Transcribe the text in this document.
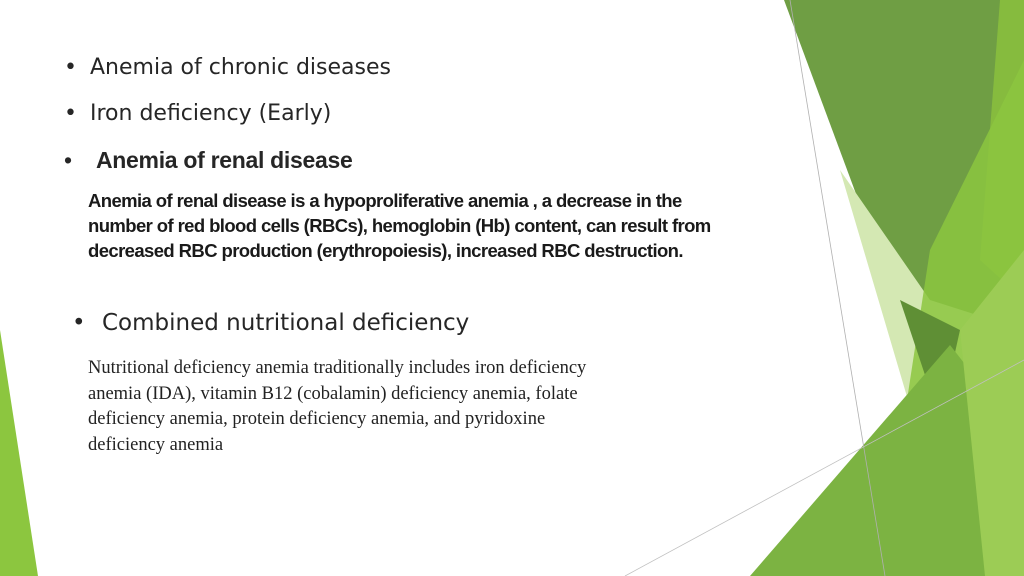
• Anemia of chronic diseases
• Iron deficiency (Early)
• Anemia of renal disease
Anemia of renal disease is a hypoproliferative anemia , a decrease in the number of red blood cells (RBCs), hemoglobin (Hb) content, can result from decreased RBC production (erythropoiesis), increased RBC destruction.
• Combined nutritional deficiency
Nutritional deficiency anemia traditionally includes iron deficiency anemia (IDA), vitamin B12 (cobalamin) deficiency anemia, folate deficiency anemia, protein deficiency anemia, and pyridoxine deficiency anemia
